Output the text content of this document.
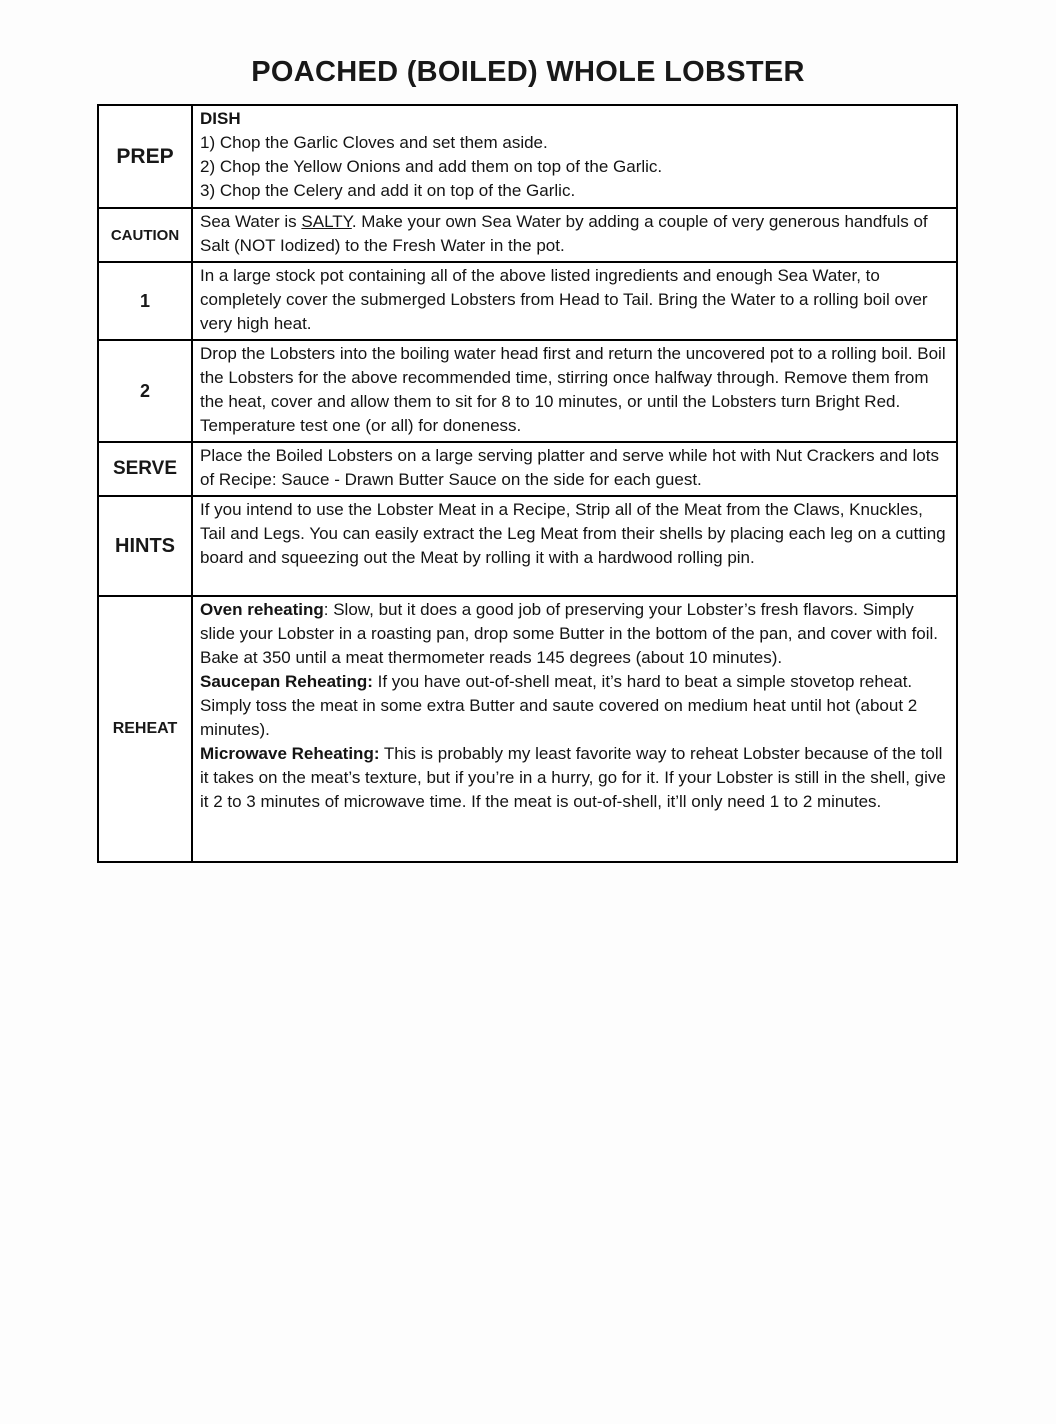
POACHED (BOILED) WHOLE LOBSTER
PREP
DISH
1) Chop the Garlic Cloves and set them aside.
2) Chop the Yellow Onions and add them on top of the Garlic.
3) Chop the Celery and add it on top of the Garlic.
CAUTION
Sea Water is SALTY. Make your own Sea Water by adding a couple of very generous handfuls of Salt (NOT Iodized) to the Fresh Water in the pot.
1
In a large stock pot containing all of the above listed ingredients and enough Sea Water, to completely cover the submerged Lobsters from Head to Tail. Bring the Water to a rolling boil over very high heat.
2
Drop the Lobsters into the boiling water head first and return the uncovered pot to a rolling boil. Boil the Lobsters for the above recommended time, stirring once halfway through. Remove them from the heat, cover and allow them to sit for 8 to 10 minutes, or until the Lobsters turn Bright Red. Temperature test one (or all) for doneness.
SERVE
Place the Boiled Lobsters on a large serving platter and serve while hot with Nut Crackers and lots of Recipe: Sauce - Drawn Butter Sauce on the side for each guest.
HINTS
If you intend to use the Lobster Meat in a Recipe, Strip all of the Meat from the Claws, Knuckles, Tail and Legs. You can easily extract the Leg Meat from their shells by placing each leg on a cutting board and squeezing out the Meat by rolling it with a hardwood rolling pin.
REHEAT
Oven reheating: Slow, but it does a good job of preserving your Lobster’s fresh flavors. Simply slide your Lobster in a roasting pan, drop some Butter in the bottom of the pan, and cover with foil. Bake at 350 until a meat thermometer reads 145 degrees (about 10 minutes).
Saucepan Reheating: If you have out-of-shell meat, it’s hard to beat a simple stovetop reheat. Simply toss the meat in some extra Butter and saute covered on medium heat until hot (about 2 minutes).
Microwave Reheating: This is probably my least favorite way to reheat Lobster because of the toll it takes on the meat’s texture, but if you’re in a hurry, go for it. If your Lobster is still in the shell, give it 2 to 3 minutes of microwave time. If the meat is out-of-shell, it’ll only need 1 to 2 minutes.
